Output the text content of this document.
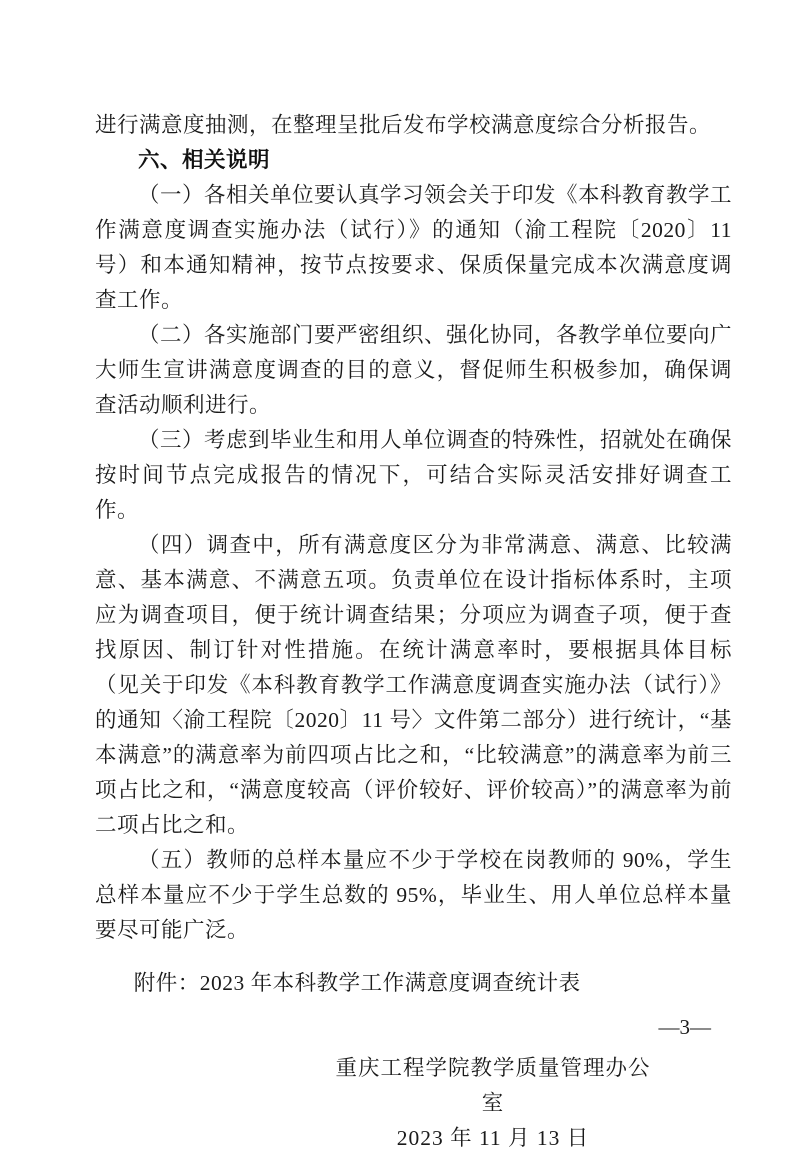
进行满意度抽测，在整理呈批后发布学校满意度综合分析报告。
六、相关说明
（一）各相关单位要认真学习领会关于印发《本科教育教学工作满意度调查实施办法（试行）》的通知（渝工程院〔2020〕11 号）和本通知精神，按节点按要求、保质保量完成本次满意度调查工作。
（二）各实施部门要严密组织、强化协同，各教学单位要向广大师生宣讲满意度调查的目的意义，督促师生积极参加，确保调查活动顺利进行。
（三）考虑到毕业生和用人单位调查的特殊性，招就处在确保按时间节点完成报告的情况下，可结合实际灵活安排好调查工作。
（四）调查中，所有满意度区分为非常满意、满意、比较满意、基本满意、不满意五项。负责单位在设计指标体系时，主项应为调查项目，便于统计调查结果；分项应为调查子项，便于查找原因、制订针对性措施。在统计满意率时，要根据具体目标（见关于印发《本科教育教学工作满意度调查实施办法（试行）》的通知〈渝工程院〔2020〕11 号〉文件第二部分）进行统计，“基本满意”的满意率为前四项占比之和，“比较满意”的满意率为前三项占比之和，“满意度较高（评价较好、评价较高）”的满意率为前二项占比之和。
（五）教师的总样本量应不少于学校在岗教师的 90%，学生总样本量应不少于学生总数的 95%，毕业生、用人单位总样本量要尽可能广泛。
附件：2023 年本科教学工作满意度调查统计表
重庆工程学院教学质量管理办公室
2023 年 11 月 13 日
—3—
